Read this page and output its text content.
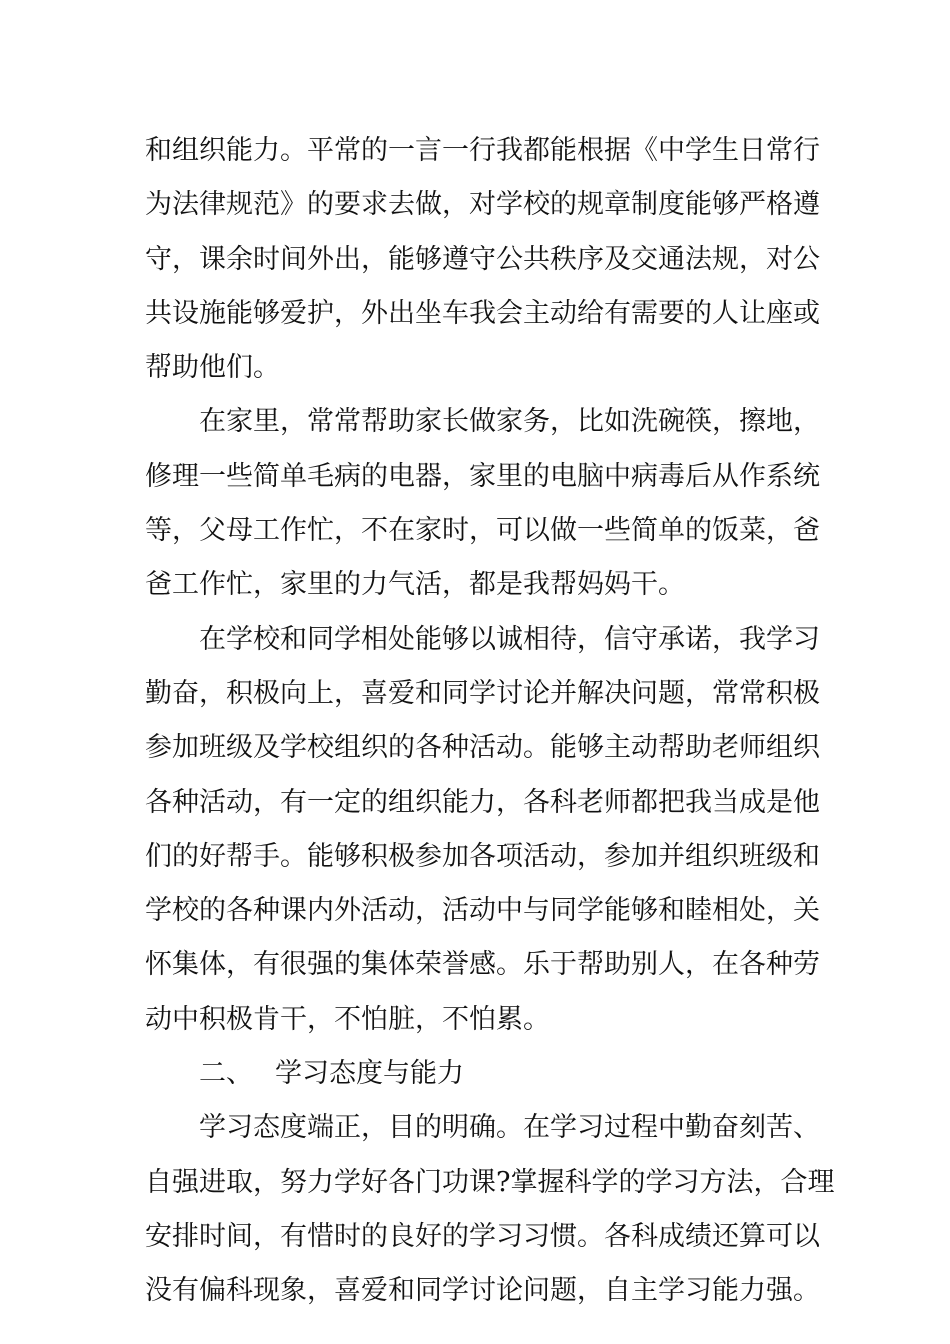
和组织能力。平常的一言一行我都能根据《中学生日常行
为法律规范》的要求去做，对学校的规章制度能够严格遵
守，课余时间外出，能够遵守公共秩序及交通法规，对公
共设施能够爱护，外出坐车我会主动给有需要的人让座或
帮助他们。
在家里，常常帮助家长做家务，比如洗碗筷，擦地，
修理一些简单毛病的电器，家里的电脑中病毒后从作系统
等，父母工作忙，不在家时，可以做一些简单的饭菜，爸
爸工作忙，家里的力气活，都是我帮妈妈干。
在学校和同学相处能够以诚相待，信守承诺，我学习
勤奋，积极向上，喜爱和同学讨论并解决问题，常常积极
参加班级及学校组织的各种活动。能够主动帮助老师组织
各种活动，有一定的组织能力，各科老师都把我当成是他
们的好帮手。能够积极参加各项活动，参加并组织班级和
学校的各种课内外活动，活动中与同学能够和睦相处，关
怀集体，有很强的集体荣誉感。乐于帮助别人，在各种劳
动中积极肯干，不怕脏，不怕累。
二、 学习态度与能力
学习态度端正，目的明确。在学习过程中勤奋刻苦、
自强进取，努力学好各门功课?掌握科学的学习方法，合理
安排时间，有惜时的良好的学习习惯。各科成绩还算可以
没有偏科现象，喜爱和同学讨论问题，自主学习能力强。
